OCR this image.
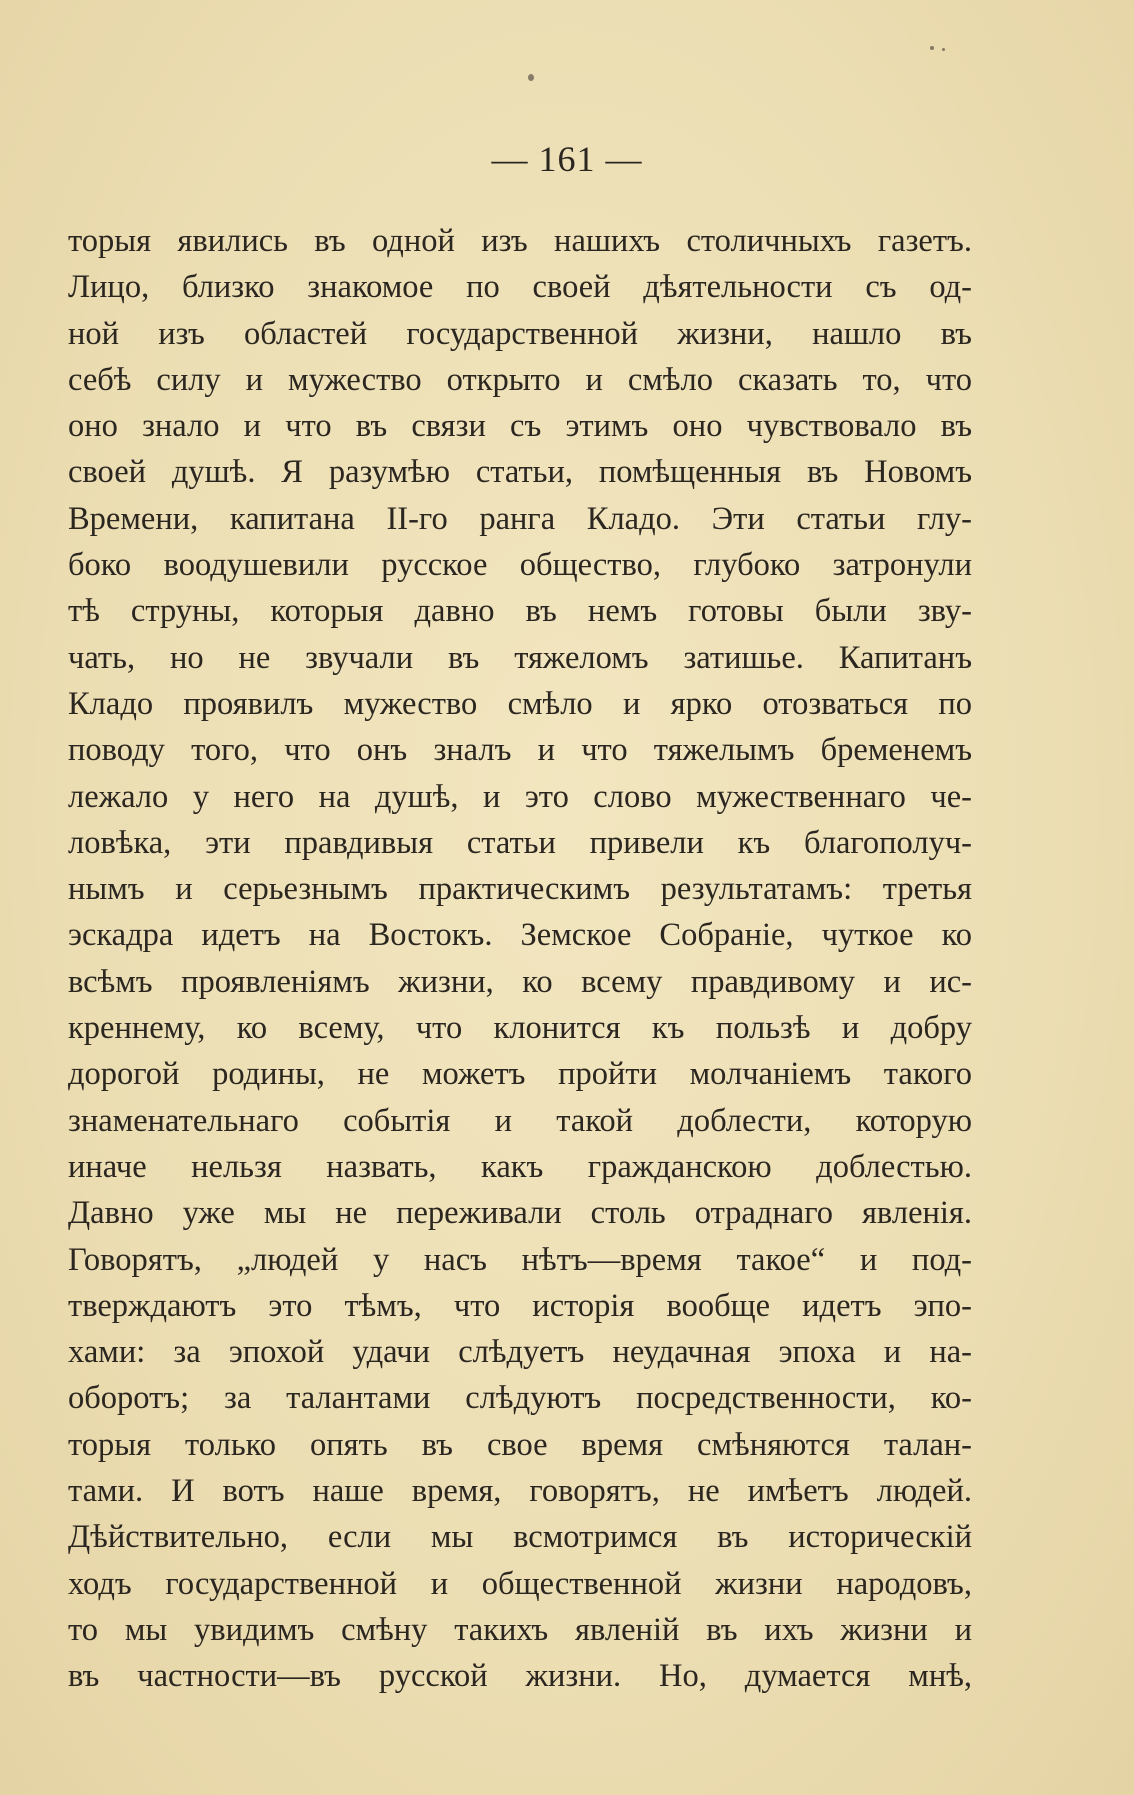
— 161 —
торыя явились въ одной изъ нашихъ столичныхъ газетъ.
Лицо, близко знакомое по своей дѣятельности съ од-
ной изъ областей государственной жизни, нашло въ
себѣ силу и мужество открыто и смѣло сказать то, что
оно знало и что въ связи съ этимъ оно чувствовало въ
своей душѣ. Я разумѣю статьи, помѣщенныя въ Новомъ
Времени, капитана II-го ранга Кладо. Эти статьи глу-
боко воодушевили русское общество, глубоко затронули
тѣ струны, которыя давно въ немъ готовы были зву-
чать, но не звучали въ тяжеломъ затишье. Капитанъ
Кладо проявилъ мужество смѣло и ярко отозваться по
поводу того, что онъ зналъ и что тяжелымъ бременемъ
лежало у него на душѣ, и это слово мужественнаго че-
ловѣка, эти правдивыя статьи привели къ благополуч-
нымъ и серьезнымъ практическимъ результатамъ: третья
эскадра идетъ на Востокъ. Земское Собраніе, чуткое ко
всѣмъ проявленіямъ жизни, ко всему правдивому и ис-
креннему, ко всему, что клонится къ пользѣ и добру
дорогой родины, не можетъ пройти молчаніемъ такого
знаменательнаго событія и такой доблести, которую
иначе нельзя назвать, какъ гражданскою доблестью.
Давно уже мы не переживали столь отраднаго явленія.
Говорятъ, „людей у насъ нѣтъ—время такое“ и под-
тверждаютъ это тѣмъ, что исторія вообще идетъ эпо-
хами: за эпохой удачи слѣдуетъ неудачная эпоха и на-
оборотъ; за талантами слѣдуютъ посредственности, ко-
торыя только опять въ свое время смѣняются талан-
тами. И вотъ наше время, говорятъ, не имѣетъ людей.
Дѣйствительно, если мы всмотримся въ историческій
ходъ государственной и общественной жизни народовъ,
то мы увидимъ смѣну такихъ явленій въ ихъ жизни и
въ частности—въ русской жизни. Но, думается мнѣ,
